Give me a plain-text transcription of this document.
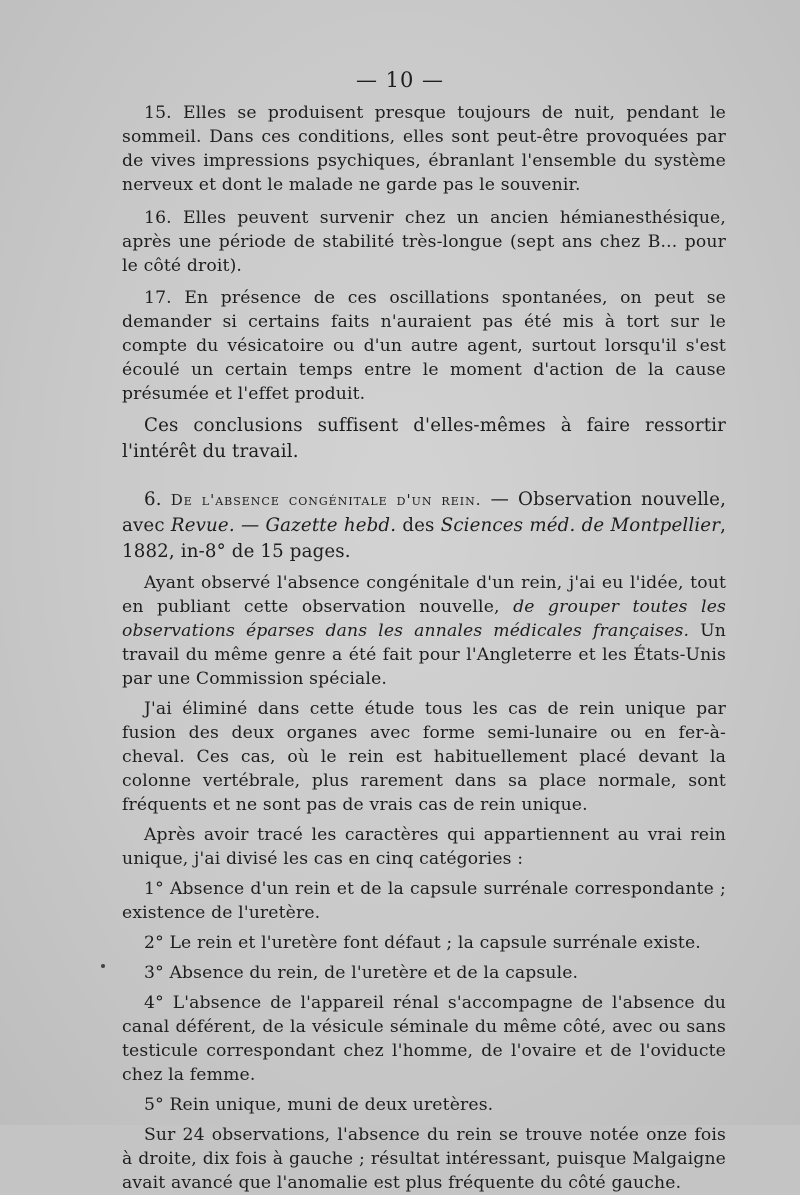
— 10 —

15. Elles se produisent presque toujours de nuit, pendant le sommeil. Dans ces conditions, elles sont peut-être provoquées par de vives impressions psychiques, ébranlant l'ensemble du système nerveux et dont le malade ne garde pas le souvenir.

16. Elles peuvent survenir chez un ancien hémianesthésique, après une période de stabilité très-longue (sept ans chez B... pour le côté droit).

17. En présence de ces oscillations spontanées, on peut se demander si certains faits n'auraient pas été mis à tort sur le compte du vésicatoire ou d'un autre agent, surtout lorsqu'il s'est écoulé un certain temps entre le moment d'action de la cause présumée et l'effet produit.

Ces conclusions suffisent d'elles-mêmes à faire ressortir l'intérêt du travail.

6. De l'absence congénitale d'un rein. — Observation nouvelle, avec Revue. — Gazette hebd. des Sciences méd. de Montpellier, 1882, in-8° de 15 pages.

Ayant observé l'absence congénitale d'un rein, j'ai eu l'idée, tout en publiant cette observation nouvelle, de grouper toutes les observations éparses dans les annales médicales françaises. Un travail du même genre a été fait pour l'Angleterre et les États-Unis par une Commission spéciale.

J'ai éliminé dans cette étude tous les cas de rein unique par fusion des deux organes avec forme semi-lunaire ou en fer-à-cheval. Ces cas, où le rein est habituellement placé devant la colonne vertébrale, plus rarement dans sa place normale, sont fréquents et ne sont pas de vrais cas de rein unique.

Après avoir tracé les caractères qui appartiennent au vrai rein unique, j'ai divisé les cas en cinq catégories :

1° Absence d'un rein et de la capsule surrénale correspondante ; existence de l'uretère.

2° Le rein et l'uretère font défaut ; la capsule surrénale existe.

3° Absence du rein, de l'uretère et de la capsule.

4° L'absence de l'appareil rénal s'accompagne de l'absence du canal déférent, de la vésicule séminale du même côté, avec ou sans testicule correspondant chez l'homme, de l'ovaire et de l'oviducte chez la femme.

5° Rein unique, muni de deux uretères.

Sur 24 observations, l'absence du rein se trouve notée onze fois à droite, dix fois à gauche ; résultat intéressant, puisque Malgaigne avait avancé que l'anomalie est plus fréquente du côté gauche.
